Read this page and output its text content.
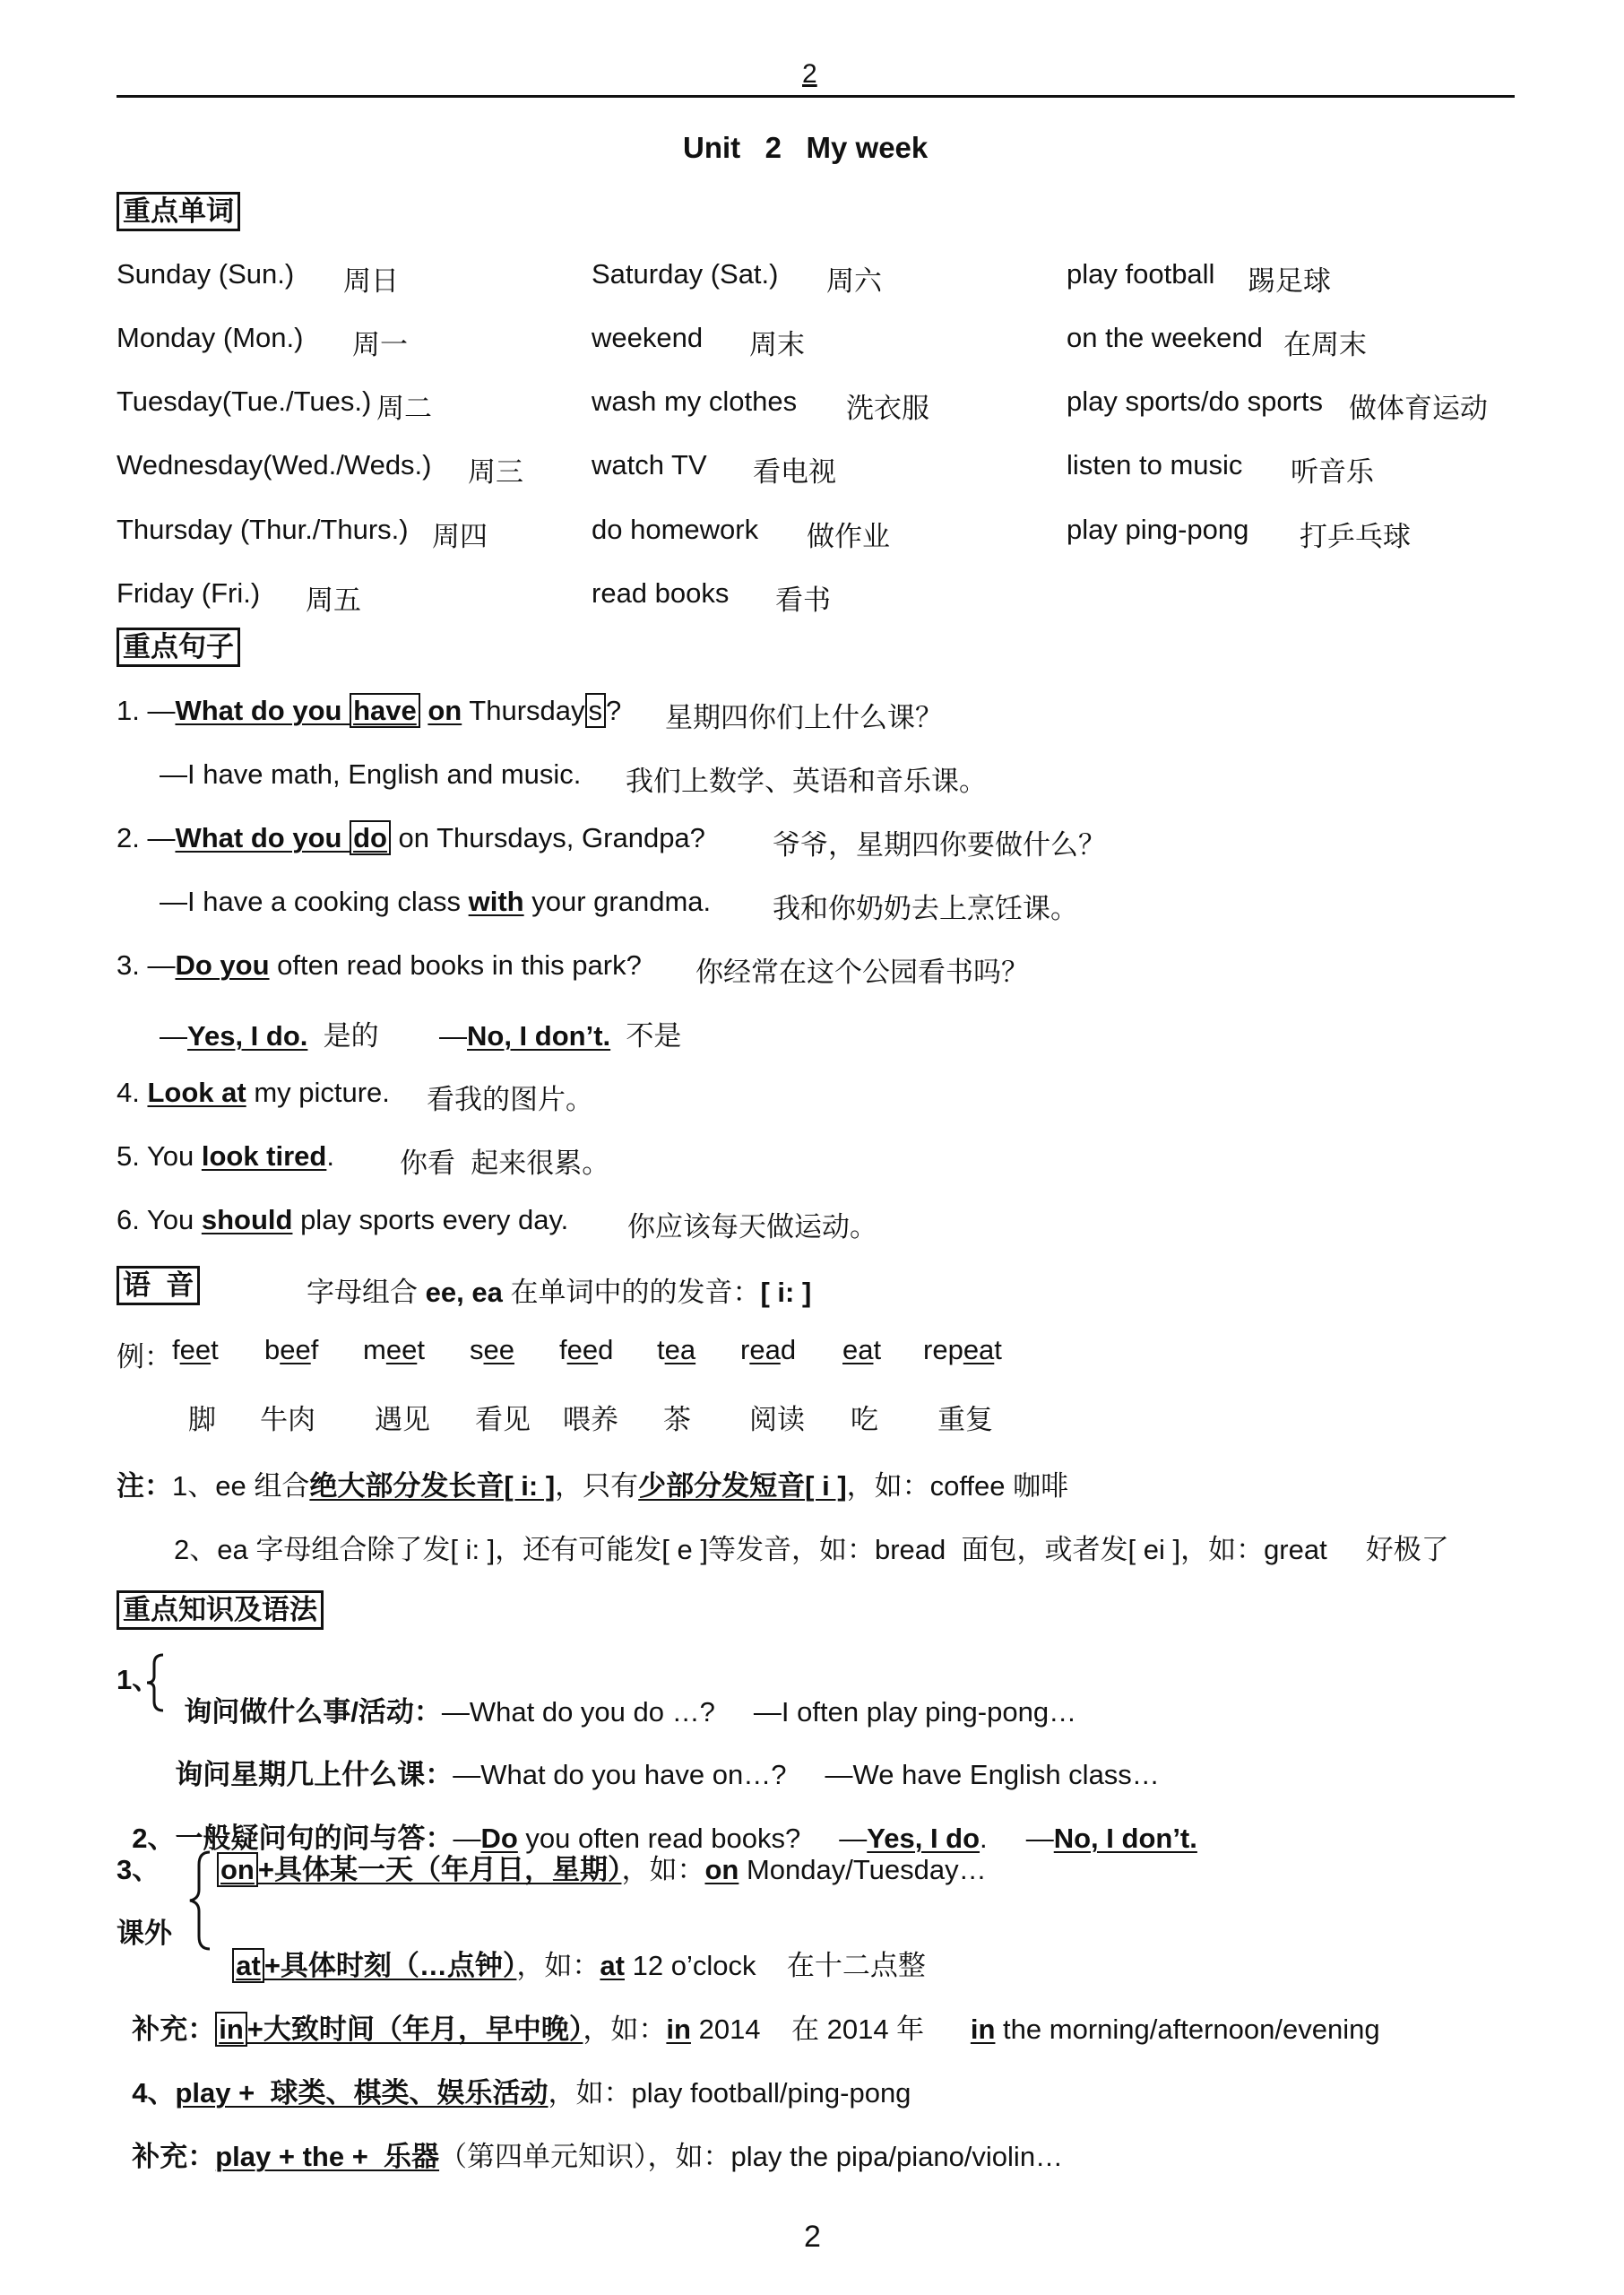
2
Unit   2   My week
重点单词
Sunday (Sun.) 周日
Monday (Mon.) 周一
Tuesday(Tue./Tues.) 周二
Wednesday(Wed./Weds.) 周三
Thursday (Thur./Thurs.) 周四
Friday (Fri.) 周五
Saturday (Sat.) 周六
weekend 周末
wash my clothes 洗衣服
watch TV 看电视
do homework 做作业
read books 看书
play football 踢足球
on the weekend 在周末
play sports/do sports 做体育运动
listen to music 听音乐
play ping-pong 打乒乓球
重点句子
1. —What do you have on Thursday s ? 星期四你们上什么课？
—I have math, English and music. 我们上数学、英语和音乐课。
2. —What do you do on Thursdays, Grandpa? 爷爷，星期四你要做什么？
—I have a cooking class with your grandma. 我和你奶奶去上烹饪课。
3. —Do you often read books in this park? 你经常在这个公园看书吗？
—Yes, I do. 是的 —No, I don’t. 不是
4. Look at my picture. 看我的图片。
5. You look tired. 你看  起来很累。
6. You should play sports every day. 你应该每天做运动。
语  音	字母组合 ee, ea 在单词中的的发音：[ i: ]
例： feet beef meet see feed tea read eat repeat
脚 牛肉 遇见 看见 喂养 茶 阅读 吃 重复
注：1、ee 组合绝大部分发长音[ i: ]，只有少部分发短音[ i ]，如：coffee 咖啡
2、ea 字母组合除了发[ i: ]，还有可能发[ e ]等发音，如：bread  面包，或者发[ ei ]，如：great     好极了
重点知识及语法
1、

询问做什么事/活动：—What do you do …?     —I often play ping-pong…

询问星期几上什么课：—What do you have on…?     —We have English class…

2、一般疑问句的问与答：—Do you often read books?     —Yes, I do.     —No, I don’t.

3、
课外
on +具体某一天（年月日，星期），如：on Monday/Tuesday…

at +具体时刻（…点钟），如：at 12 o’clock    在十二点整

补充： in +大致时间（年月，早中晚），如：in 2014    在 2014 年 in the morning/afternoon/evening

4、play +  球类、棋类、娱乐活动，如：play football/ping-pong

补充：play + the +  乐器（第四单元知识），如：play the pipa/piano/violin…

2
